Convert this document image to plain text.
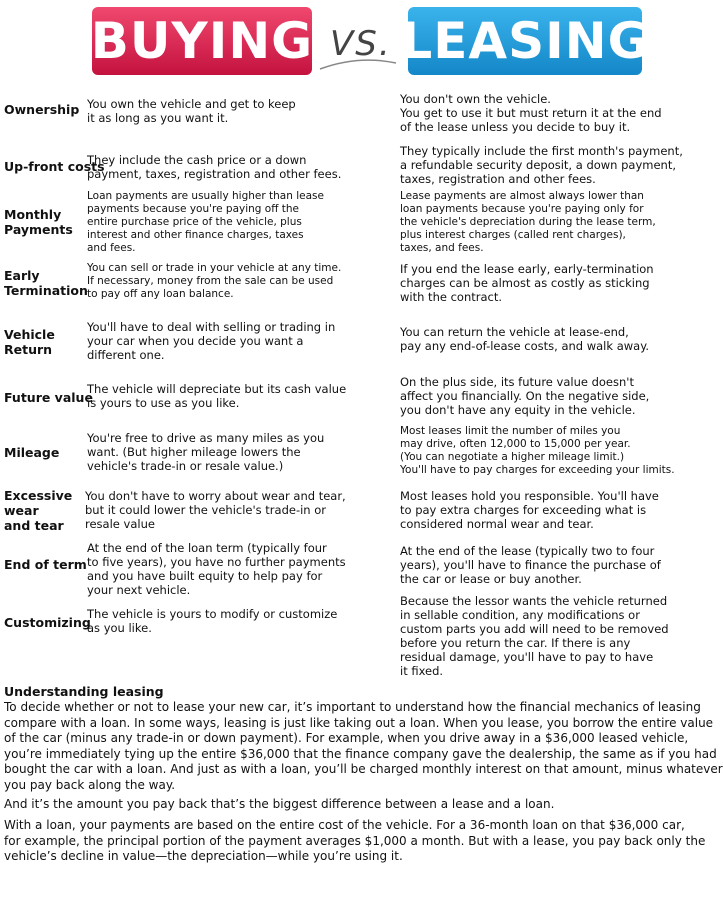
BUYING VS. LEASING
Ownership You own the vehicle and get to keep
it as long as you want it.
You don't own the vehicle.
You get to use it but must return it at the end
of the lease unless you decide to buy it.
Up-front costs
They include the cash price or a down
payment, taxes, registration and other fees.
They typically include the first month's payment,
a refundable security deposit, a down payment,
taxes, registration and other fees.
Monthly Payments
Loan payments are usually higher than lease
payments because you're paying off the
entire purchase price of the vehicle, plus
interest and other finance charges, taxes
and fees.
Lease payments are almost always lower than
loan payments because you're paying only for
the vehicle's depreciation during the lease term,
plus interest charges (called rent charges),
taxes, and fees.
Early Termination
You can sell or trade in your vehicle at any time.
If necessary, money from the sale can be used
to pay off any loan balance.
If you end the lease early, early-termination
charges can be almost as costly as sticking
with the contract.
Vehicle Return
You'll have to deal with selling or trading in
your car when you decide you want a
different one.
You can return the vehicle at lease-end,
pay any end-of-lease costs, and walk away.
Future value
The vehicle will depreciate but its cash value
is yours to use as you like.
On the plus side, its future value doesn't
affect you financially. On the negative side,
you don't have any equity in the vehicle.
Mileage
You're free to drive as many miles as you
want. (But higher mileage lowers the
vehicle's trade-in or resale value.)
Most leases limit the number of miles you
may drive, often 12,000 to 15,000 per year.
(You can negotiate a higher mileage limit.)
You'll have to pay charges for exceeding your limits.
Excessive wear and tear
You don't have to worry about wear and tear,
but it could lower the vehicle's trade-in or
resale value
Most leases hold you responsible. You'll have
to pay extra charges for exceeding what is
considered normal wear and tear.
End of term
At the end of the loan term (typically four
to five years), you have no further payments
and you have built equity to help pay for
your next vehicle.
At the end of the lease (typically two to four
years), you'll have to finance the purchase of
the car or lease or buy another.
Customizing
The vehicle is yours to modify or customize
as you like.
Because the lessor wants the vehicle returned
in sellable condition, any modifications or
custom parts you add will need to be removed
before you return the car. If there is any
residual damage, you'll have to pay to have
it fixed.
Understanding leasing
To decide whether or not to lease your new car, it’s important to understand how the financial mechanics of leasing
compare with a loan. In some ways, leasing is just like taking out a loan. When you lease, you borrow the entire value
of the car (minus any trade-in or down payment). For example, when you drive away in a $36,000 leased vehicle,
you’re immediately tying up the entire $36,000 that the finance company gave the dealership, the same as if you had
bought the car with a loan. And just as with a loan, you’ll be charged monthly interest on that amount, minus whatever
you pay back along the way.
And it’s the amount you pay back that’s the biggest difference between a lease and a loan.
With a loan, your payments are based on the entire cost of the vehicle. For a 36-month loan on that $36,000 car,
for example, the principal portion of the payment averages $1,000 a month. But with a lease, you pay back only the
vehicle’s decline in value—the depreciation—while you’re using it.
